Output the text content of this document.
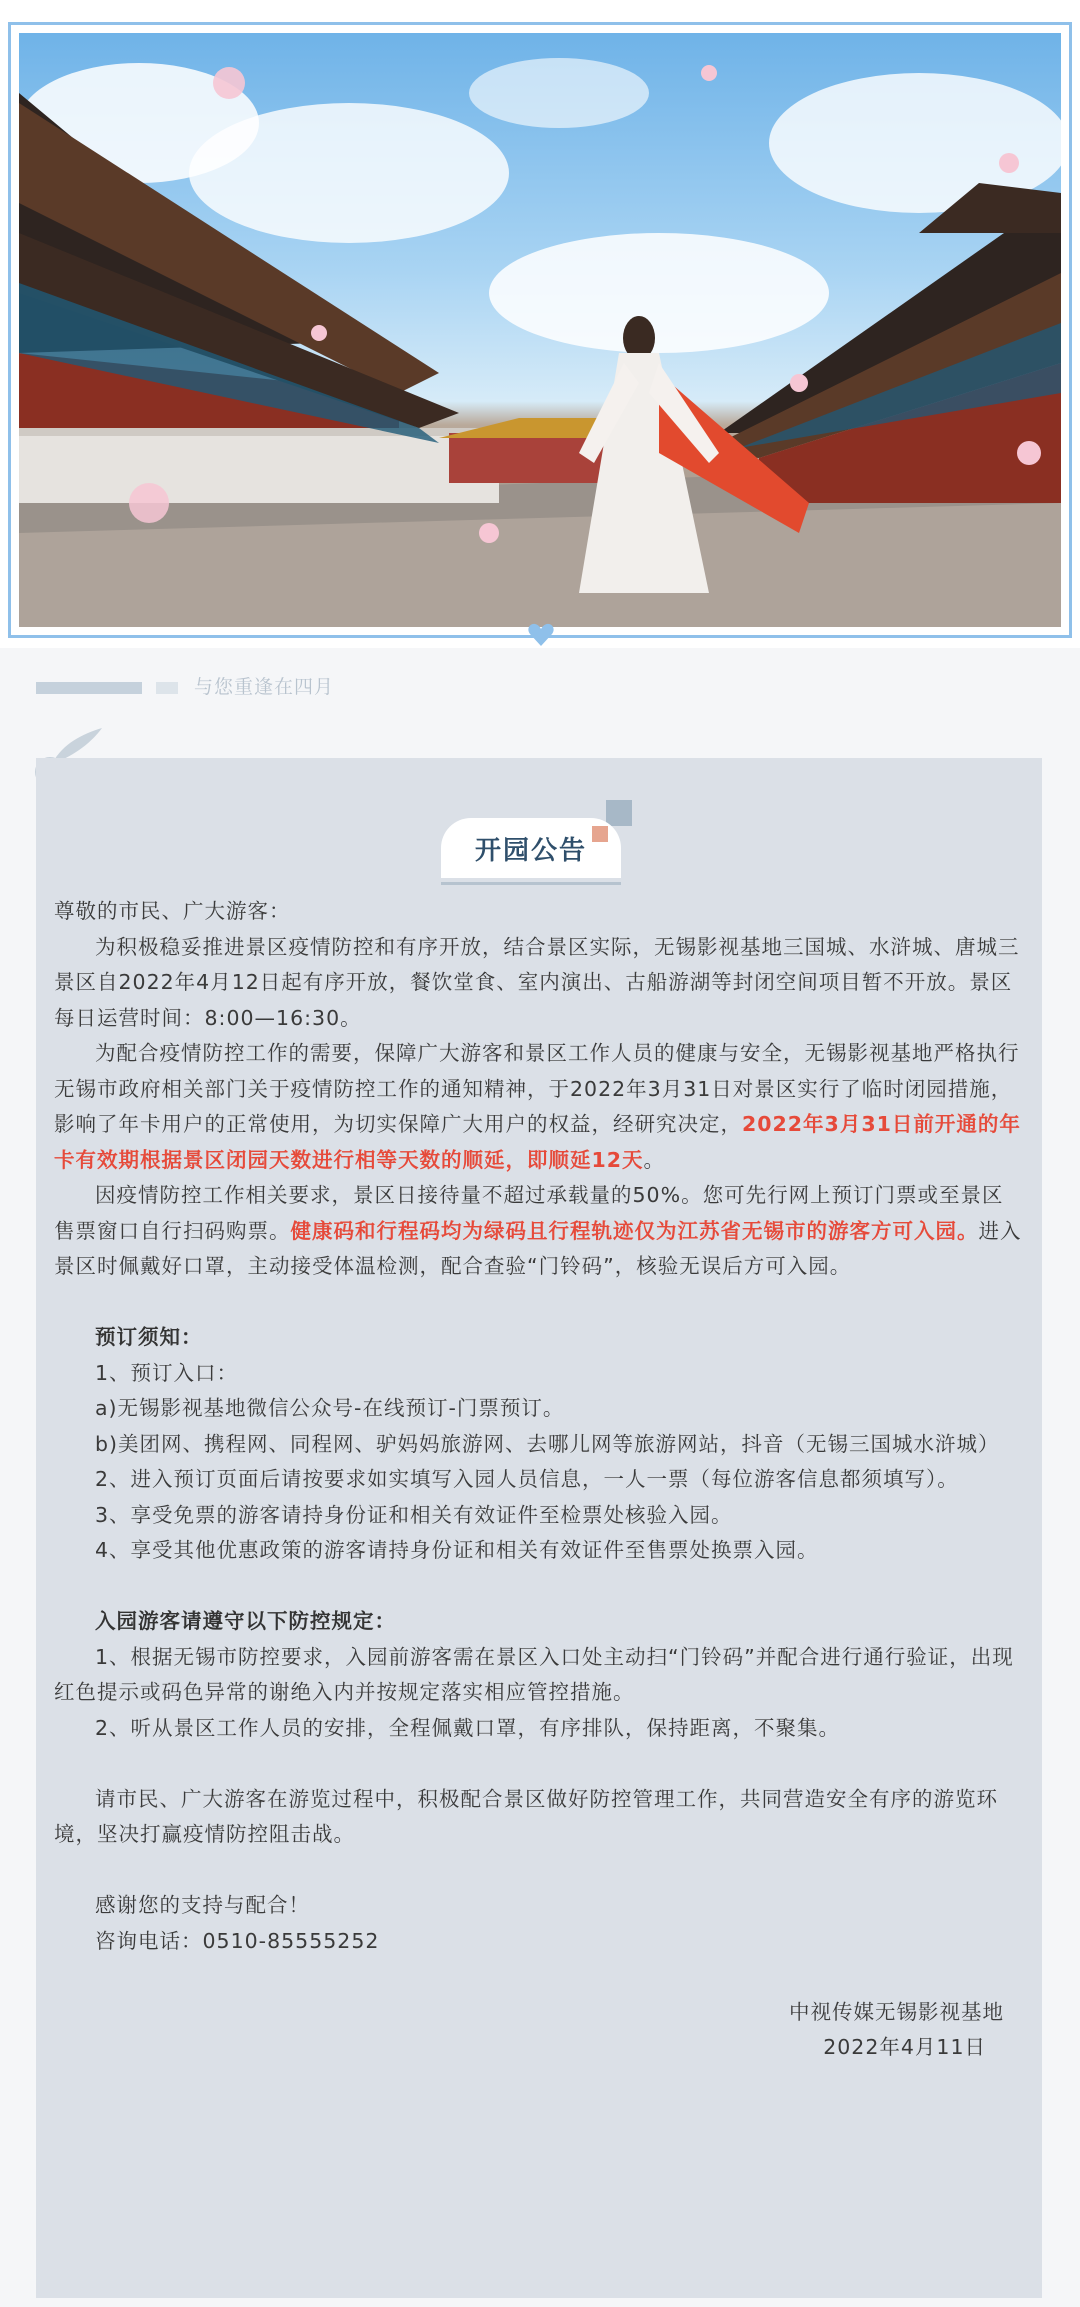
与您重逢在四月
开园公告

尊敬的市民、广大游客：

为积极稳妥推进景区疫情防控和有序开放，结合景区实际，无锡影视基地三国城、水浒城、唐城三景区自2022年4月12日起有序开放，餐饮堂食、室内演出、古船游湖等封闭空间项目暂不开放。景区每日运营时间：8:00—16:30。

为配合疫情防控工作的需要，保障广大游客和景区工作人员的健康与安全，无锡影视基地严格执行无锡市政府相关部门关于疫情防控工作的通知精神，于2022年3月31日对景区实行了临时闭园措施，影响了年卡用户的正常使用，为切实保障广大用户的权益，经研究决定，2022年3月31日前开通的年卡有效期根据景区闭园天数进行相等天数的顺延，即顺延12天。

因疫情防控工作相关要求，景区日接待量不超过承载量的50%。您可先行网上预订门票或至景区售票窗口自行扫码购票。健康码和行程码均为绿码且行程轨迹仅为江苏省无锡市的游客方可入园。进入景区时佩戴好口罩，主动接受体温检测，配合查验“门铃码”，核验无误后方可入园。

预订须知：

1、预订入口：

a)无锡影视基地微信公众号-在线预订-门票预订。

b)美团网、携程网、同程网、驴妈妈旅游网、去哪儿网等旅游网站，抖音（无锡三国城水浒城）

2、进入预订页面后请按要求如实填写入园人员信息，一人一票（每位游客信息都须填写）。

3、享受免票的游客请持身份证和相关有效证件至检票处核验入园。

4、享受其他优惠政策的游客请持身份证和相关有效证件至售票处换票入园。

入园游客请遵守以下防控规定：

1、根据无锡市防控要求，入园前游客需在景区入口处主动扫“门铃码”并配合进行通行验证，出现红色提示或码色异常的谢绝入内并按规定落实相应管控措施。

2、听从景区工作人员的安排，全程佩戴口罩，有序排队，保持距离，不聚集。

请市民、广大游客在游览过程中，积极配合景区做好防控管理工作，共同营造安全有序的游览环境，坚决打赢疫情防控阻击战。

感谢您的支持与配合！

咨询电话：0510-85555252

中视传媒无锡影视基地

2022年4月11日
